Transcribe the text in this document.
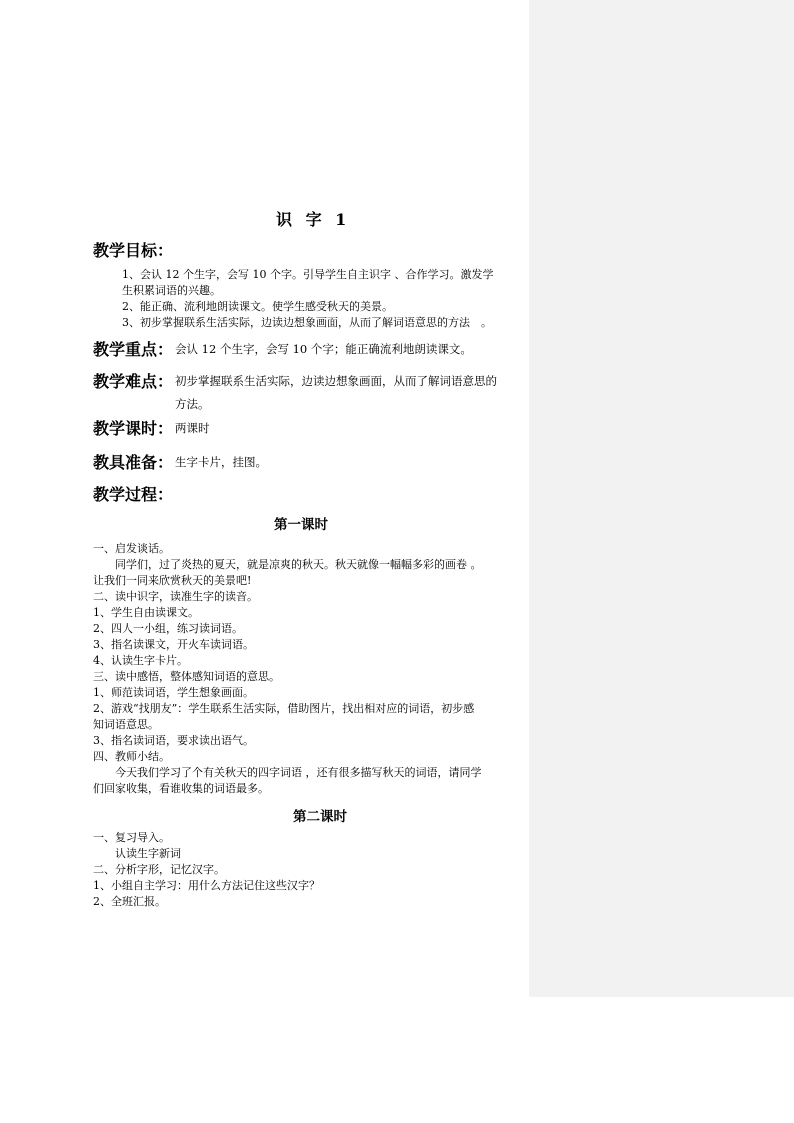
识 字 1
教学目标：
1、会认 12 个生字，会写 10 个字。引导学生自主识字 、合作学习。激发学
生积累词语的兴趣。
2、能正确、流利地朗读课文。使学生感受秋天的美景。
3、初步掌握联系生活实际，边读边想象画面，从而了解词语意思的方法　。
教学重点： 会认 12 个生字，会写 10 个字；能正确流利地朗读课文。
教学难点： 初步掌握联系生活实际，边读边想象画面，从而了解词语意思的
方法。
教学课时： 两课时
教具准备： 生字卡片，挂图。
教学过程：
第一课时
一、启发谈话。
　　同学们，过了炎热的夏天，就是凉爽的秋天。秋天就像一幅幅多彩的画卷 。
让我们一同来欣赏秋天的美景吧!
二、读中识字，读准生字的读音。
1、学生自由读课文。
2、四人一小组，练习读词语。
3、指名读课文，开火车读词语。
4、认读生字卡片。
三、读中感悟，整体感知词语的意思。
1、师范读词语，学生想象画面。
2、游戏“找朋友”：学生联系生活实际，借助图片，找出相对应的词语，初步感
知词语意思。
3、指名读词语，要求读出语气。
四、教师小结。
　　今天我们学习了个有关秋天的四字词语 ，还有很多描写秋天的词语，请同学
们回家收集，看谁收集的词语最多。
第二课时
一、复习导入。
　　认读生字新词
二、分析字形，记忆汉字。
1、小组自主学习：用什么方法记住这些汉字？
2、全班汇报。
